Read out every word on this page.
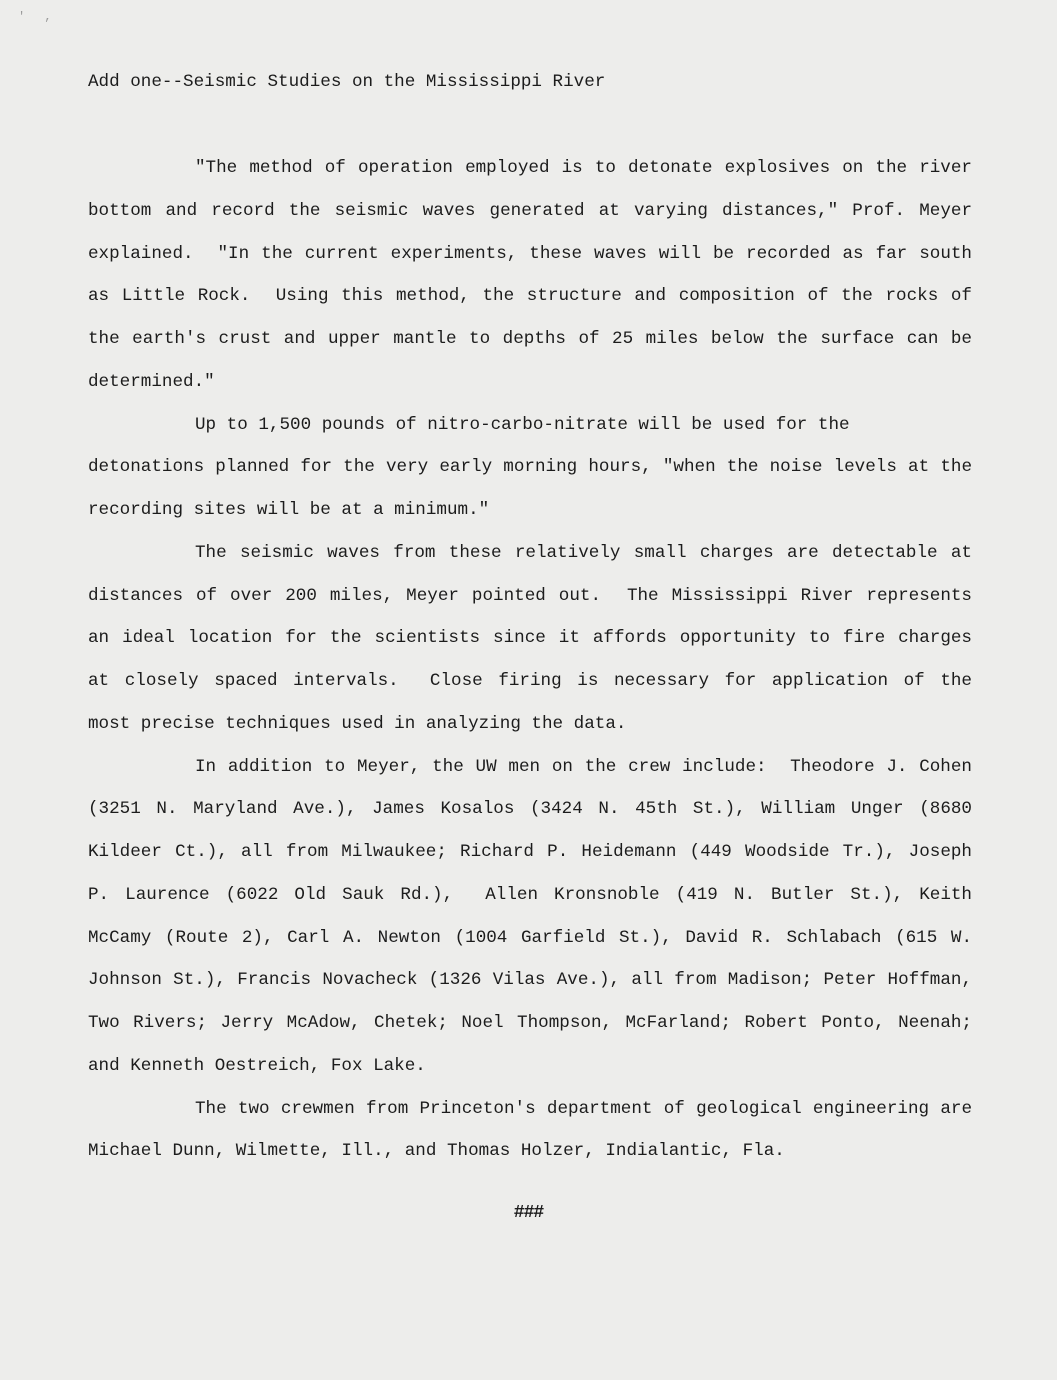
' ,
Add one--Seismic Studies on the Mississippi River
"The method of operation employed is to detonate explosives on the river
bottom and record the seismic waves generated at varying distances," Prof. Meyer
explained.  "In the current experiments, these waves will be recorded as far south
as Little Rock.  Using this method, the structure and composition of the rocks of
the earth's crust and upper mantle to depths of 25 miles below the surface can be
determined."
Up to 1,500 pounds of nitro-carbo-nitrate will be used for the
detonations planned for the very early morning hours, "when the noise levels at the
recording sites will be at a minimum."
The seismic waves from these relatively small charges are detectable at
distances of over 200 miles, Meyer pointed out.  The Mississippi River represents
an ideal location for the scientists since it affords opportunity to fire charges
at closely spaced intervals.  Close firing is necessary for application of the
most precise techniques used in analyzing the data.
In addition to Meyer, the UW men on the crew include:  Theodore J. Cohen
(3251 N. Maryland Ave.), James Kosalos (3424 N. 45th St.), William Unger (8680
Kildeer Ct.), all from Milwaukee; Richard P. Heidemann (449 Woodside Tr.), Joseph
P. Laurence (6022 Old Sauk Rd.),  Allen Kronsnoble (419 N. Butler St.), Keith
McCamy (Route 2), Carl A. Newton (1004 Garfield St.), David R. Schlabach (615 W.
Johnson St.), Francis Novacheck (1326 Vilas Ave.), all from Madison; Peter Hoffman,
Two Rivers; Jerry McAdow, Chetek; Noel Thompson, McFarland; Robert Ponto, Neenah;
and Kenneth Oestreich, Fox Lake.
The two crewmen from Princeton's department of geological engineering are
Michael Dunn, Wilmette, Ill., and Thomas Holzer, Indialantic, Fla.
###
